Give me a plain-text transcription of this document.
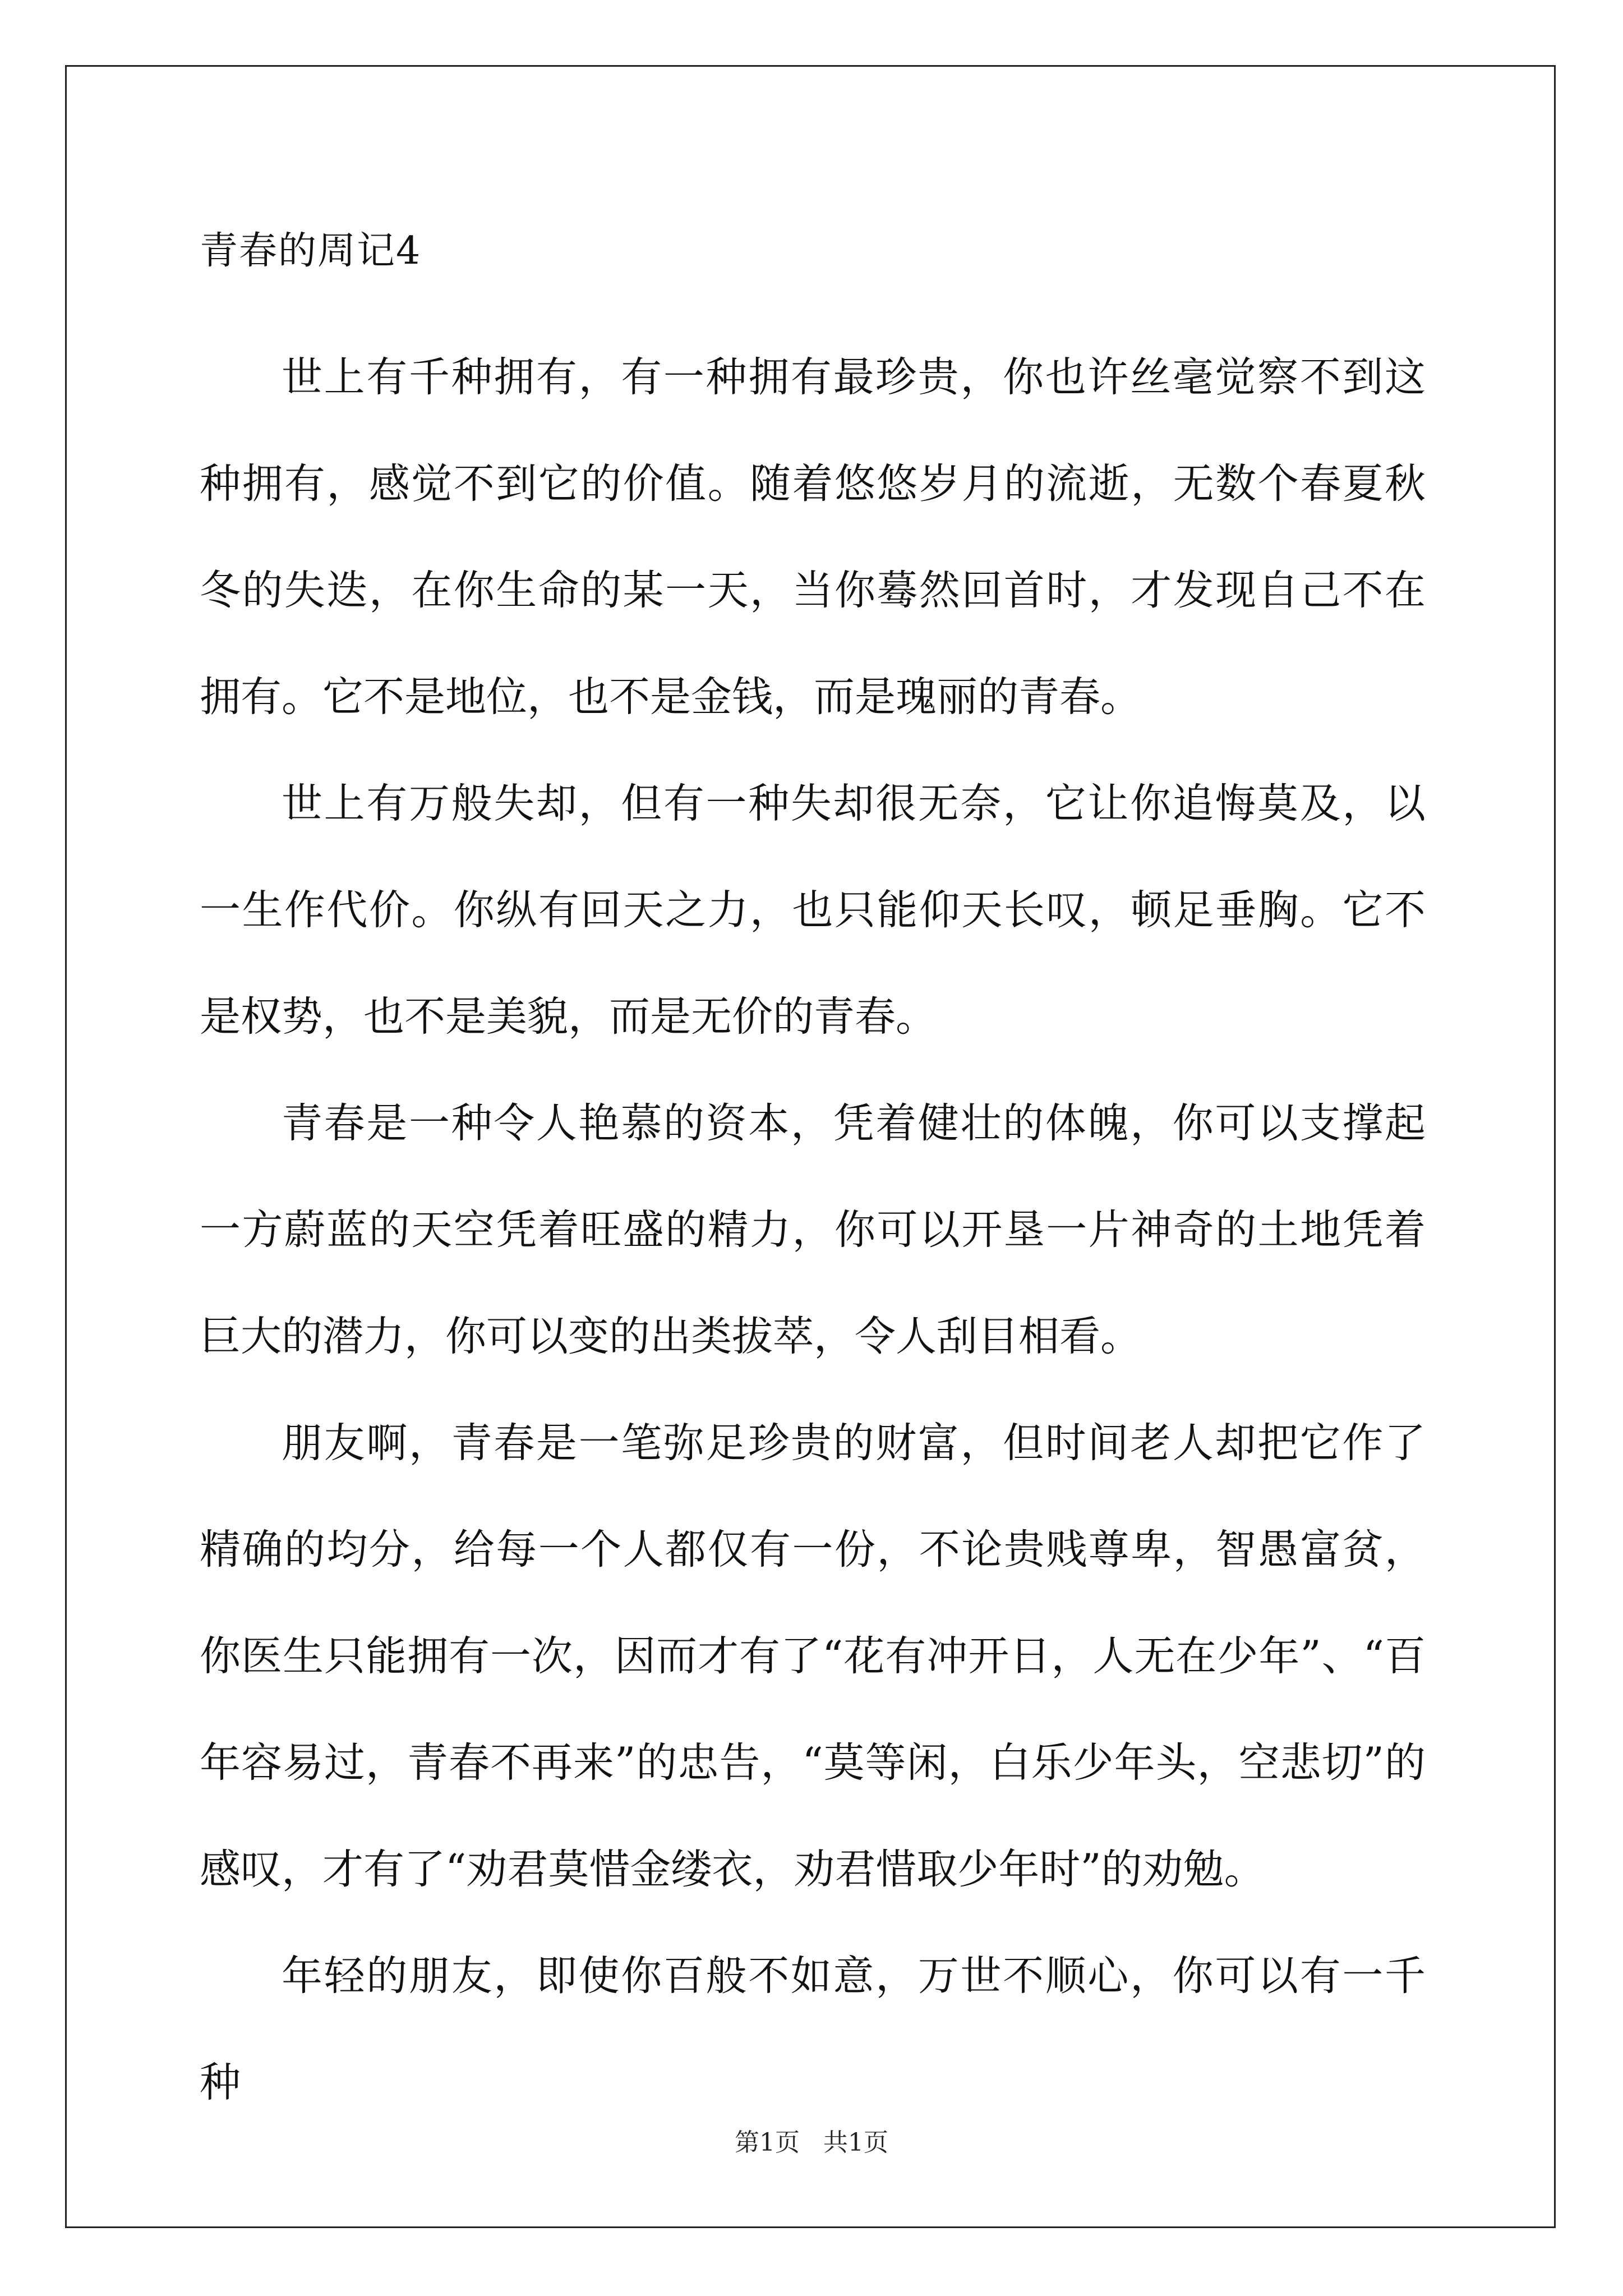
青春的周记4

世上有千种拥有，有一种拥有最珍贵，你也许丝毫觉察不到这种拥有，感觉不到它的价值。随着悠悠岁月的流逝，无数个春夏秋冬的失迭，在你生命的某一天，当你蓦然回首时，才发现自己不在拥有。它不是地位，也不是金钱，而是瑰丽的青春。

世上有万般失却，但有一种失却很无奈，它让你追悔莫及，以一生作代价。你纵有回天之力，也只能仰天长叹，顿足垂胸。它不是权势，也不是美貌，而是无价的青春。

青春是一种令人艳慕的资本，凭着健壮的体魄，你可以支撑起一方蔚蓝的天空凭着旺盛的精力，你可以开垦一片神奇的土地凭着巨大的潜力，你可以变的出类拔萃，令人刮目相看。

朋友啊，青春是一笔弥足珍贵的财富，但时间老人却把它作了精确的均分，给每一个人都仅有一份，不论贵贱尊卑，智愚富贫，你医生只能拥有一次，因而才有了“花有冲开日，人无在少年”、“百年容易过，青春不再来”的忠告，“莫等闲，白乐少年头，空悲切”的感叹，才有了“劝君莫惜金缕衣，劝君惜取少年时”的劝勉。

年轻的朋友，即使你百般不如意，万世不顺心，你可以有一千种

第1页   共1页
